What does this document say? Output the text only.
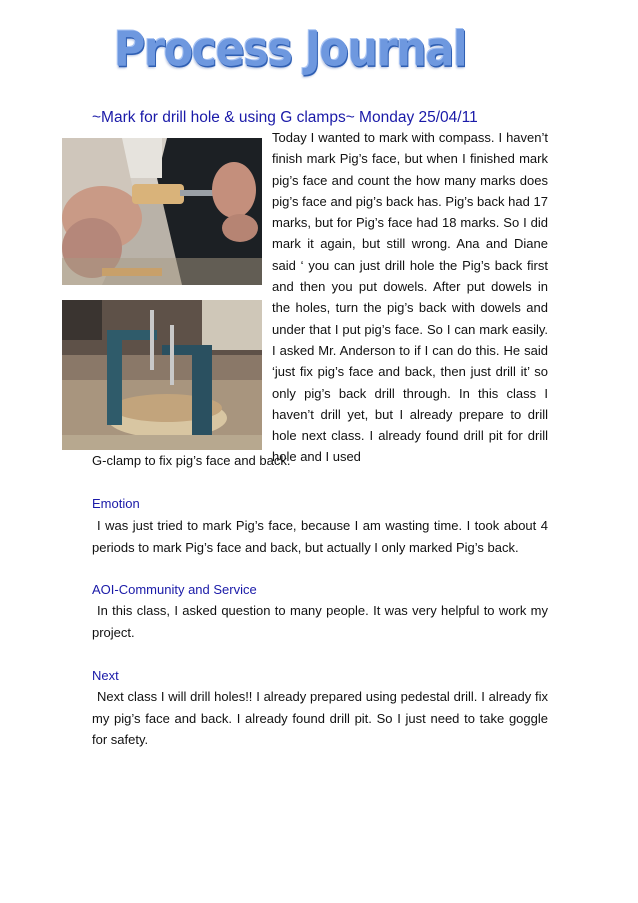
Process Journal
~Mark for drill hole & using G clamps~ Monday 25/04/11

Today I wanted to mark with compass. I haven’t finish mark Pig’s face, but when I finished mark pig’s face and count the how many marks does pig’s face and pig’s back has. Pig’s back had 17 marks, but for Pig’s face had 18 marks. So I did mark it again, but still wrong. Ana and Diane said ‘ you can just drill hole the Pig’s back first and then you put dowels. After put dowels in the holes, turn the pig’s back with dowels and under that I put pig’s face. So I can mark easily. I asked Mr. Anderson to if I can do this. He said ‘just fix pig’s face and back, then just drill it’ so only pig’s back drill through. In this class I haven’t drill yet, but I already prepare to drill hole next class. I already found drill pit for drill hole and I used

G-clamp to fix pig’s face and back.

Emotion

I was just tried to mark Pig’s face, because I am wasting time. I took about 4 periods to mark Pig’s face and back, but actually I only marked Pig’s back.

AOI-Community and Service

In this class, I asked question to many people. It was very helpful to work my project.

Next

Next class I will drill holes!! I already prepared using pedestal drill. I already fix my pig’s face and back. I already found drill pit. So I just need to take goggle for safety.
